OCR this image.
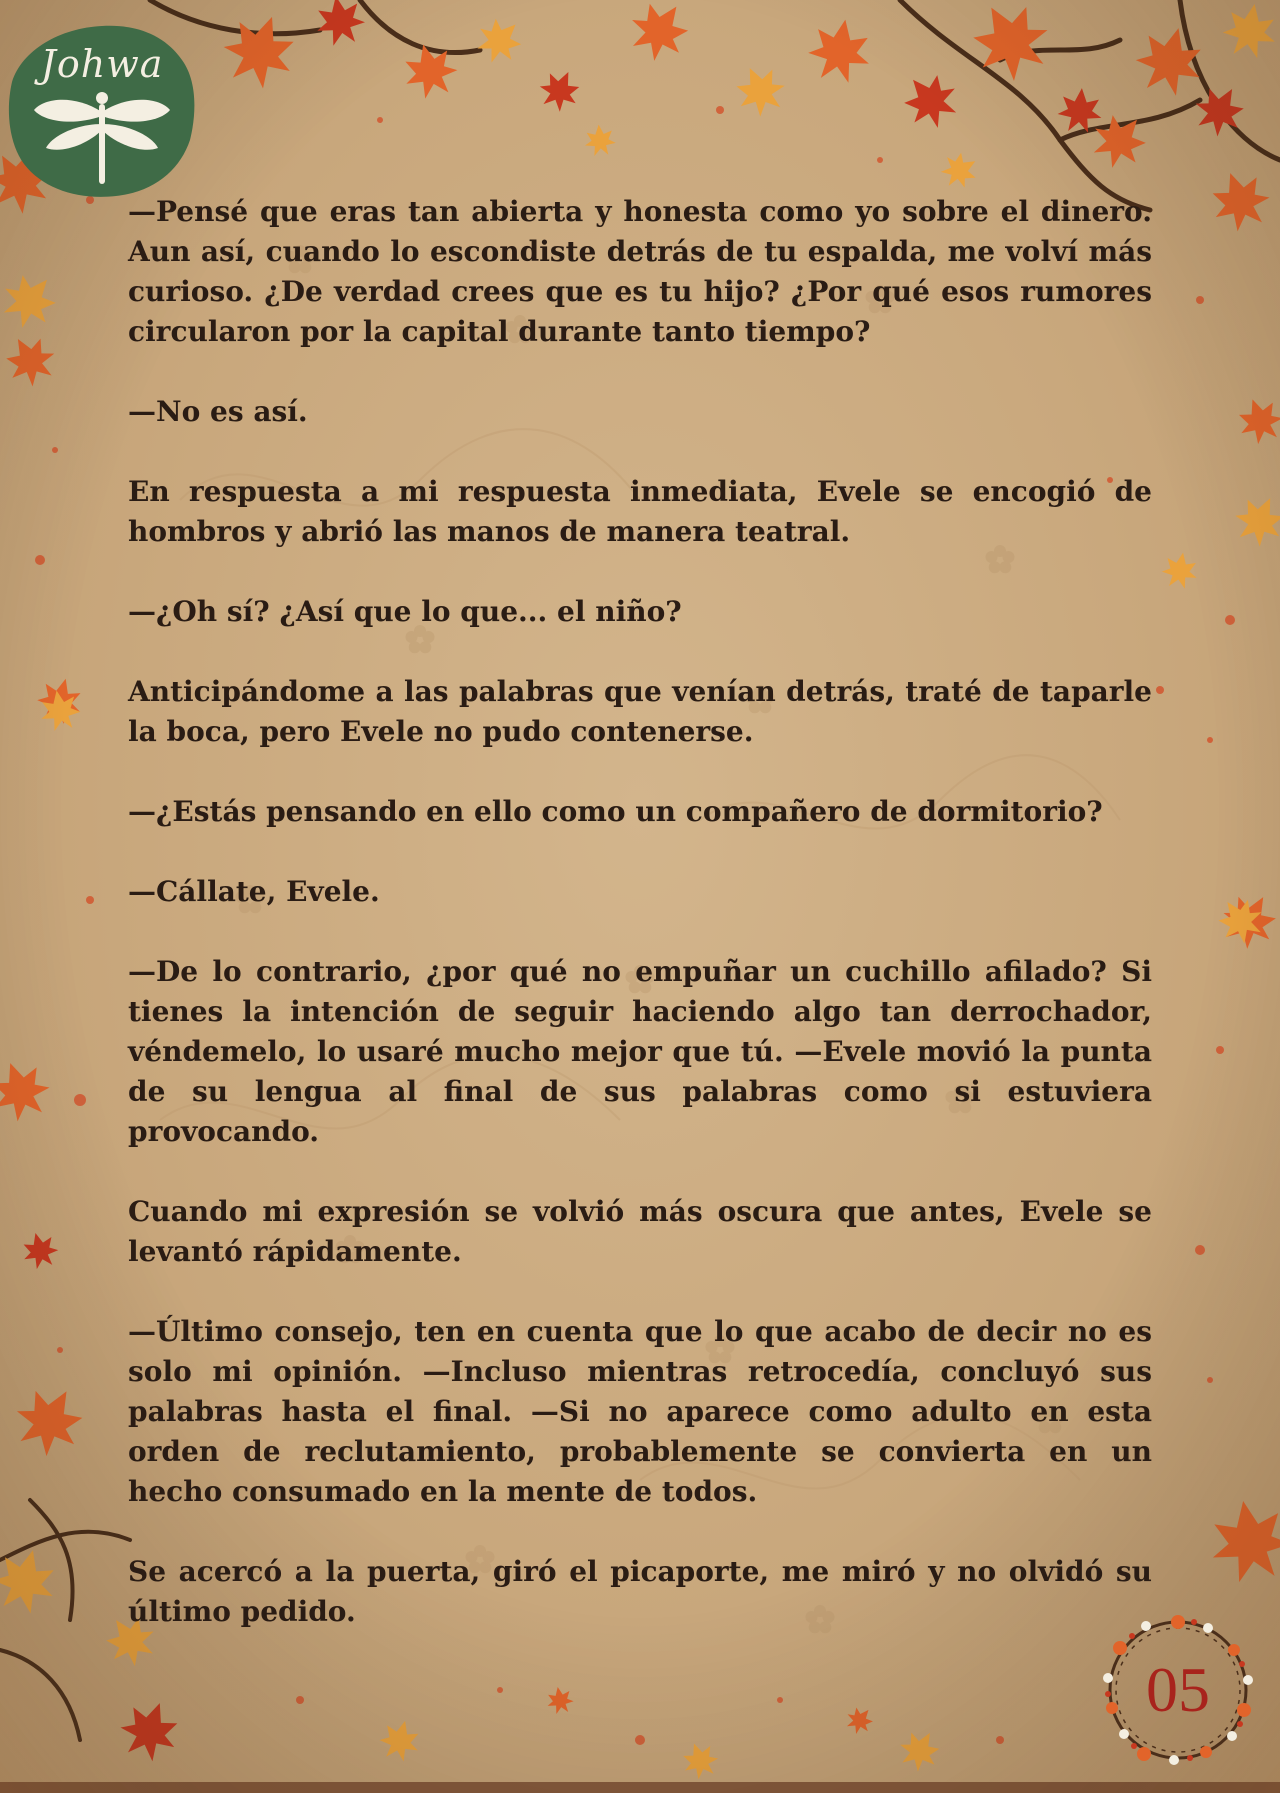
Johwa

—Pensé que eras tan abierta y honesta como yo sobre el dinero. Aun así, cuando lo escondiste detrás de tu espalda, me volví más curioso. ¿De verdad crees que es tu hijo? ¿Por qué esos rumores circularon por la capital durante tanto tiempo?

—No es así.

En respuesta a mi respuesta inmediata, Evele se encogió de hombros y abrió las manos de manera teatral.

—¿Oh sí? ¿Así que lo que... el niño?

Anticipándome a las palabras que venían detrás, traté de taparle la boca, pero Evele no pudo contenerse.

—¿Estás pensando en ello como un compañero de dormitorio?

—Cállate, Evele.

—De lo contrario, ¿por qué no empuñar un cuchillo afilado? Si tienes la intención de seguir haciendo algo tan derrochador, véndemelo, lo usaré mucho mejor que tú. —Evele movió la punta de su lengua al final de sus palabras como si estuviera provocando.

Cuando mi expresión se volvió más oscura que antes, Evele se levantó rápidamente.

—Último consejo, ten en cuenta que lo que acabo de decir no es solo mi opinión. —Incluso mientras retrocedía, concluyó sus palabras hasta el final. —Si no aparece como adulto en esta orden de reclutamiento, probablemente se convierta en un hecho consumado en la mente de todos.

Se acercó a la puerta, giró el picaporte, me miró y no olvidó su último pedido.

05
